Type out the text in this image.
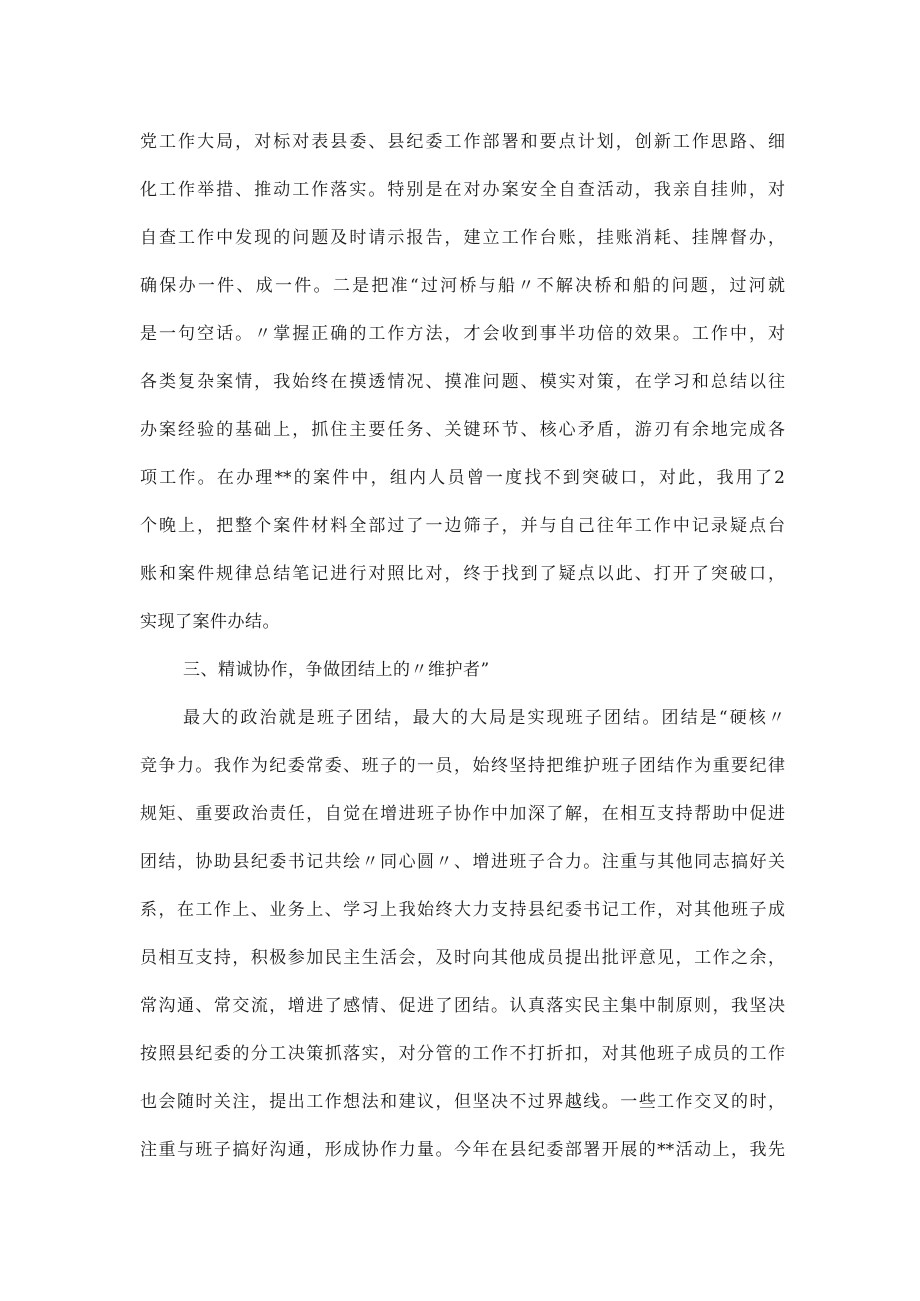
党工作大局，对标对表县委、县纪委工作部署和要点计划，创新工作思路、细
化工作举措、推动工作落实。特别是在对办案安全自查活动，我亲自挂帅，对
自查工作中发现的问题及时请示报告，建立工作台账，挂账消耗、挂牌督办，
确保办一件、成一件。二是把准“过河桥与船〃不解决桥和船的问题，过河就
是一句空话。〃掌握正确的工作方法，才会收到事半功倍的效果。工作中，对
各类复杂案情，我始终在摸透情况、摸准问题、模实对策，在学习和总结以往
办案经验的基础上，抓住主要任务、关键环节、核心矛盾，游刃有余地完成各
项工作。在办理**的案件中，组内人员曾一度找不到突破口，对此，我用了2
个晚上，把整个案件材料全部过了一边筛子，并与自己往年工作中记录疑点台
账和案件规律总结笔记进行对照比对，终于找到了疑点以此、打开了突破口，
实现了案件办结。
三、精诚协作，争做团结上的〃维护者”
最大的政治就是班子团结，最大的大局是实现班子团结。团结是“硬核〃
竞争力。我作为纪委常委、班子的一员，始终坚持把维护班子团结作为重要纪律
规矩、重要政治责任，自觉在增进班子协作中加深了解，在相互支持帮助中促进
团结，协助县纪委书记共绘〃同心圆〃、增进班子合力。注重与其他同志搞好关
系，在工作上、业务上、学习上我始终大力支持县纪委书记工作，对其他班子成
员相互支持，积极参加民主生活会，及时向其他成员提出批评意见，工作之余，
常沟通、常交流，增进了感情、促进了团结。认真落实民主集中制原则，我坚决
按照县纪委的分工决策抓落实，对分管的工作不打折扣，对其他班子成员的工作
也会随时关注，提出工作想法和建议，但坚决不过界越线。一些工作交叉的时，
注重与班子搞好沟通，形成协作力量。今年在县纪委部署开展的**活动上，我先
